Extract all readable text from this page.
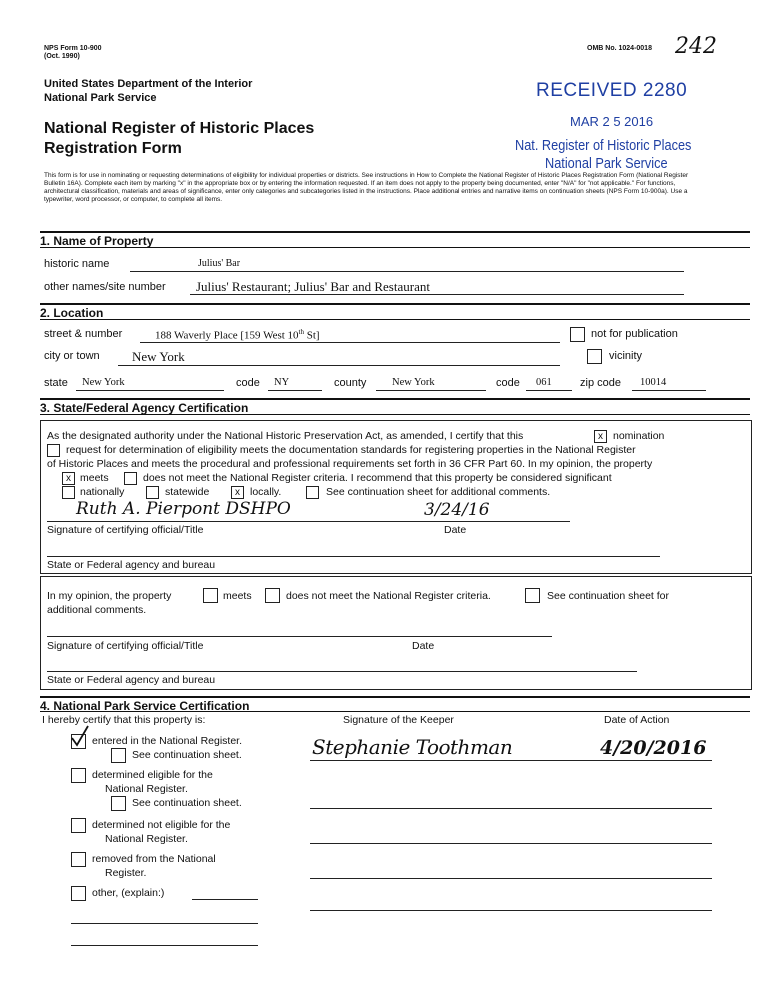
NPS Form 10-900
(Oct. 1990)
OMB No. 1024-0018 242
United States Department of the Interior
National Park Service
National Register of Historic Places
Registration Form
RECEIVED 2280
MAR 2 5 2016
Nat. Register of Historic Places
National Park Service
This form is for use in nominating or requesting determinations of eligibility for individual properties or districts. See instructions in How to Complete the National Register of Historic Places Registration Form (National Register Bulletin 16A). Complete each item by marking "x" in the appropriate box or by entering the information requested. If an item does not apply to the property being documented, enter "N/A" for "not applicable." For functions, architectural classification, materials and areas of significance, enter only categories and subcategories listed in the instructions. Place additional entries and narrative items on continuation sheets (NPS Form 10-900a). Use a typewriter, word processor, or computer, to complete all items.
1. Name of Property
historic name	Julius' Bar
other names/site number Julius' Restaurant; Julius' Bar and Restaurant
2. Location
street & number	188 Waverly Place [159 West 10th St]	not for publication
city or town New York	vicinity
state New York	code NY	county New York	code 061	zip code 10014
3. State/Federal Agency Certification
As the designated authority under the National Historic Preservation Act, as amended, I certify that this	x nomination
request for determination of eligibility meets the documentation standards for registering properties in the National Register
of Historic Places and meets the procedural and professional requirements set forth in 36 CFR Part 60. In my opinion, the property
x meets	does not meet the National Register criteria. I recommend that this property be considered significant
nationally	statewide	x locally.	See continuation sheet for additional comments.
Ruth A. Pierpont DSHPO	3/24/16
Signature of certifying official/Title	Date
State or Federal agency and bureau
In my opinion, the property	meets	does not meet the National Register criteria.	See continuation sheet for
additional comments.
Signature of certifying official/Title	Date
State or Federal agency and bureau
4. National Park Service Certification
I hereby certify that this property is:	Signature of the Keeper	Date of Action
entered in the National Register.
See continuation sheet.	Stephanie Toothman	4/20/2016
determined eligible for the
National Register.
See continuation sheet.
determined not eligible for the
National Register.
removed from the National
Register.
other, (explain:)
